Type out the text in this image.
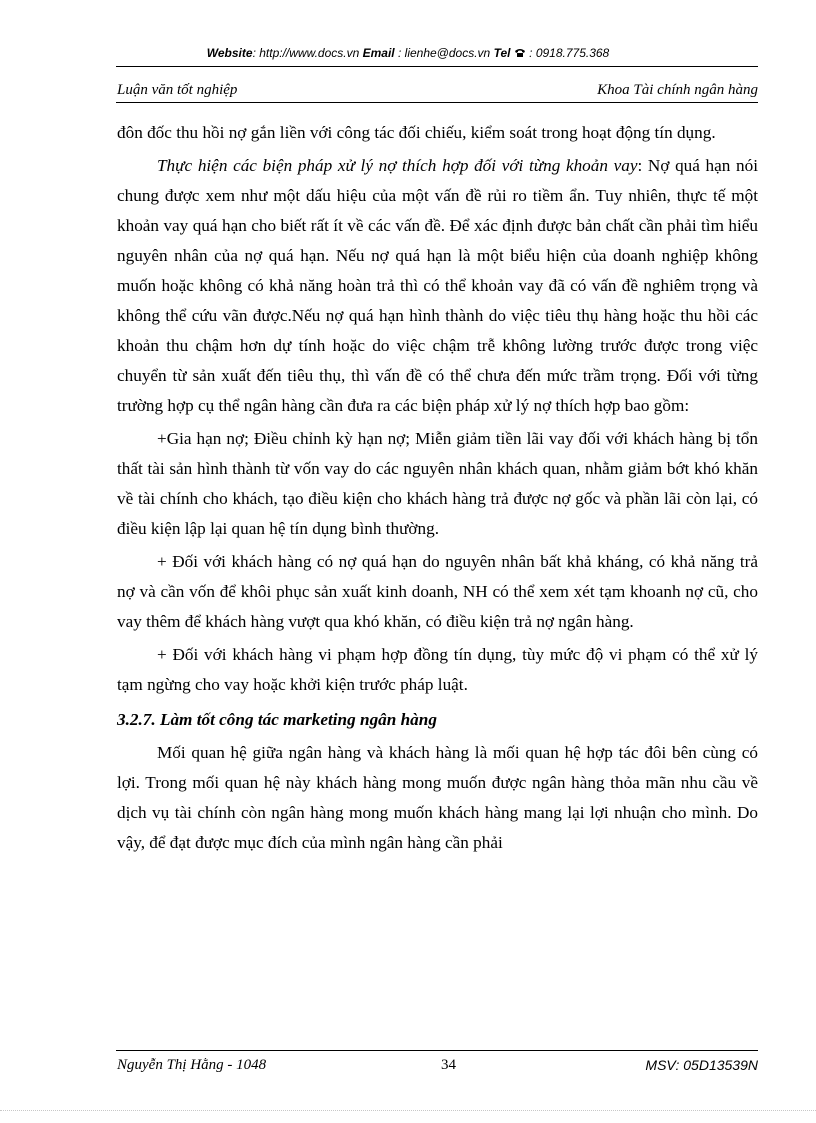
Website: http://www.docs.vn Email : lienhe@docs.vn Tel : 0918.775.368
Luận văn tốt nghiệp	Khoa Tài chính ngân hàng

đôn đốc thu hồi nợ gắn liền với công tác đối chiếu, kiểm soát trong hoạt động tín dụng.

Thực hiện các biện pháp xử lý nợ thích hợp đối với từng khoản vay: Nợ quá hạn nói chung được xem như một dấu hiệu của một vấn đề rủi ro tiềm ẩn. Tuy nhiên, thực tế một khoản vay quá hạn cho biết rất ít về các vấn đề. Để xác định được bản chất cần phải tìm hiểu nguyên nhân của nợ quá hạn. Nếu nợ quá hạn là một biểu hiện của doanh nghiệp không muốn hoặc không có khả năng hoàn trả thì có thể khoản vay đã có vấn đề nghiêm trọng và không thể cứu vãn được.Nếu nợ quá hạn hình thành do việc tiêu thụ hàng hoặc thu hồi các khoản thu chậm hơn dự tính hoặc do việc chậm trễ không lường trước được trong việc chuyển từ sản xuất đến tiêu thụ, thì vấn đề có thể chưa đến mức trầm trọng. Đối với từng trường hợp cụ thể ngân hàng cần đưa ra các biện pháp xử lý nợ thích hợp bao gồm:

+Gia hạn nợ; Điều chỉnh kỳ hạn nợ; Miễn giảm tiền lãi vay đối với khách hàng bị tổn thất tài sản hình thành từ vốn vay do các nguyên nhân khách quan, nhằm giảm bớt khó khăn về tài chính cho khách, tạo điều kiện cho khách hàng trả được nợ gốc và phần lãi còn lại, có điều kiện lập lại quan hệ tín dụng bình thường.

+ Đối với khách hàng có nợ quá hạn do nguyên nhân bất khả kháng, có khả năng trả nợ và cần vốn để khôi phục sản xuất kinh doanh, NH có thể xem xét tạm khoanh nợ cũ, cho vay thêm để khách hàng vượt qua khó khăn, có điều kiện trả nợ ngân hàng.

+ Đối với khách hàng vi phạm hợp đồng tín dụng, tùy mức độ vi phạm có thể xử lý tạm ngừng cho vay hoặc khởi kiện trước pháp luật.

3.2.7. Làm tốt công tác marketing ngân hàng

Mối quan hệ giữa ngân hàng và khách hàng là mối quan hệ hợp tác đôi bên cùng có lợi. Trong mối quan hệ này khách hàng mong muốn được ngân hàng thỏa mãn nhu cầu về dịch vụ tài chính còn ngân hàng mong muốn khách hàng mang lại lợi nhuận cho mình. Do vậy, để đạt được mục đích của mình ngân hàng cần phải

Nguyễn Thị Hằng - 1048	34	MSV: 05D13539N
